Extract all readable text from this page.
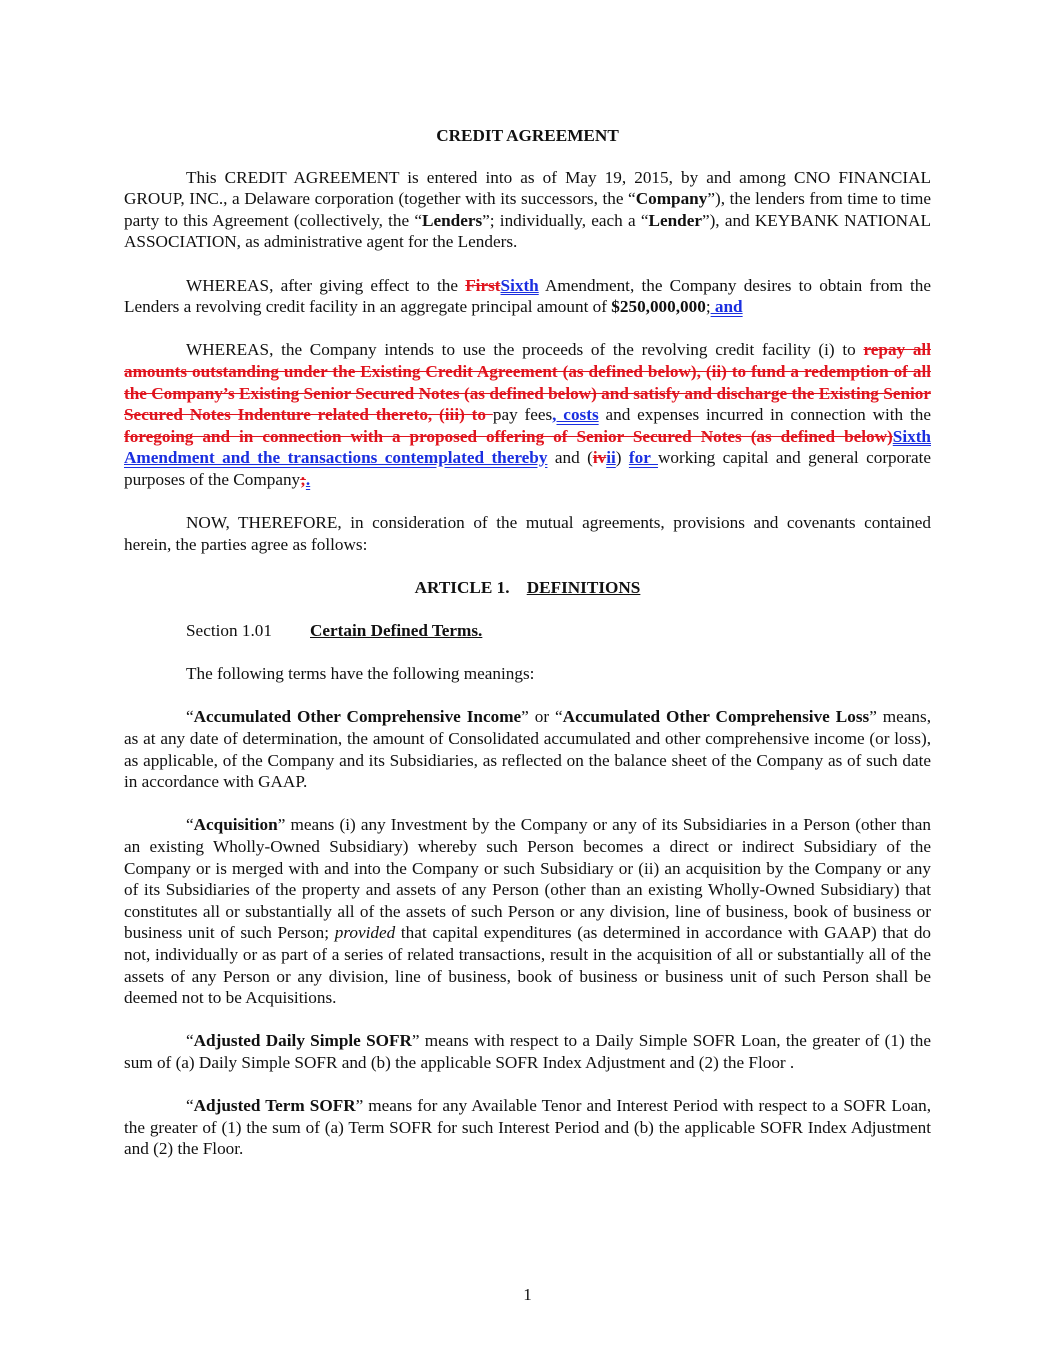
CREDIT AGREEMENT

This CREDIT AGREEMENT is entered into as of May 19, 2015, by and among CNO FINANCIAL GROUP, INC., a Delaware corporation (together with its successors, the “Company”), the lenders from time to time party to this Agreement (collectively, the “Lenders”; individually, each a “Lender”), and KEYBANK NATIONAL ASSOCIATION, as administrative agent for the Lenders.

WHEREAS, after giving effect to the FirstSixth Amendment, the Company desires to obtain from the Lenders a revolving credit facility in an aggregate principal amount of $250,000,000; and

WHEREAS, the Company intends to use the proceeds of the revolving credit facility (i) to repay all amounts outstanding under the Existing Credit Agreement (as defined below), (ii) to fund a redemption of all the Company’s Existing Senior Secured Notes (as defined below) and satisfy and discharge the Existing Senior Secured Notes Indenture related thereto, (iii) to pay fees, costs and expenses incurred in connection with the foregoing and in connection with a proposed offering of Senior Secured Notes (as defined below)Sixth Amendment and the transactions contemplated thereby and (ivii) for working capital and general corporate purposes of the Company;.

NOW, THEREFORE, in consideration of the mutual agreements, provisions and covenants contained herein, the parties agree as follows:

ARTICLE 1. DEFINITIONS
Section 1.01 Certain Defined Terms.

The following terms have the following meanings:

“Accumulated Other Comprehensive Income” or “Accumulated Other Comprehensive Loss” means, as at any date of determination, the amount of Consolidated accumulated and other comprehensive income (or loss), as applicable, of the Company and its Subsidiaries, as reflected on the balance sheet of the Company as of such date in accordance with GAAP.

“Acquisition” means (i) any Investment by the Company or any of its Subsidiaries in a Person (other than an existing Wholly-Owned Subsidiary) whereby such Person becomes a direct or indirect Subsidiary of the Company or is merged with and into the Company or such Subsidiary or (ii) an acquisition by the Company or any of its Subsidiaries of the property and assets of any Person (other than an existing Wholly-Owned Subsidiary) that constitutes all or substantially all of the assets of such Person or any division, line of business, book of business or business unit of such Person; provided that capital expenditures (as determined in accordance with GAAP) that do not, individually or as part of a series of related transactions, result in the acquisition of all or substantially all of the assets of any Person or any division, line of business, book of business or business unit of such Person shall be deemed not to be Acquisitions.

“Adjusted Daily Simple SOFR” means with respect to a Daily Simple SOFR Loan, the greater of (1) the sum of (a) Daily Simple SOFR and (b) the applicable SOFR Index Adjustment and (2) the Floor .

“Adjusted Term SOFR” means for any Available Tenor and Interest Period with respect to a SOFR Loan, the greater of (1) the sum of (a) Term SOFR for such Interest Period and (b) the applicable SOFR Index Adjustment and (2) the Floor.

1
